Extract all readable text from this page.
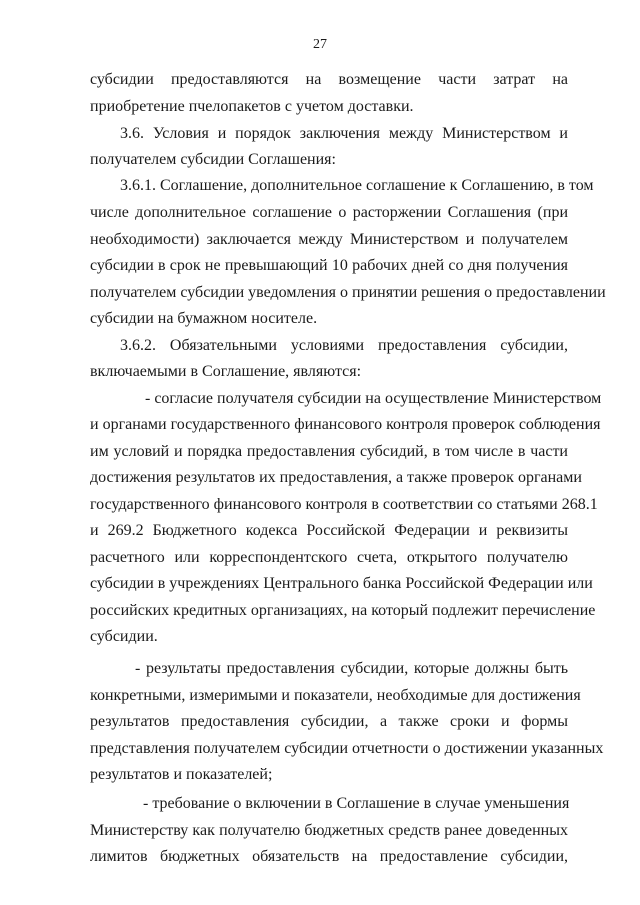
27
субсидии предоставляются на возмещение части затрат на
приобретение пчелопакетов с учетом доставки.
3.6. Условия и порядок заключения между Министерством и
получателем субсидии Соглашения:
3.6.1. Соглашение, дополнительное соглашение к Соглашению, в том
числе дополнительное соглашение о расторжении Соглашения (при
необходимости) заключается между Министерством и получателем
субсидии в срок не превышающий 10 рабочих дней со дня получения
получателем субсидии уведомления о принятии решения о предоставлении
субсидии на бумажном носителе.
3.6.2. Обязательными условиями предоставления субсидии,
включаемыми в Соглашение, являются:
- согласие получателя субсидии на осуществление Министерством
и органами государственного финансового контроля проверок соблюдения
им условий и порядка предоставления субсидий, в том числе в части
достижения результатов их предоставления, а также проверок органами
государственного финансового контроля в соответствии со статьями 268.1
и 269.2 Бюджетного кодекса Российской Федерации и реквизиты
расчетного или корреспондентского счета, открытого получателю
субсидии в учреждениях Центрального банка Российской Федерации или
российских кредитных организациях, на который подлежит перечисление
субсидии.
- результаты предоставления субсидии, которые должны быть
конкретными, измеримыми и показатели, необходимые для достижения
результатов предоставления субсидии, а также сроки и формы
представления получателем субсидии отчетности о достижении указанных
результатов и показателей;
- требование о включении в Соглашение в случае уменьшения
Министерству как получателю бюджетных средств ранее доведенных
лимитов бюджетных обязательств на предоставление субсидии,
